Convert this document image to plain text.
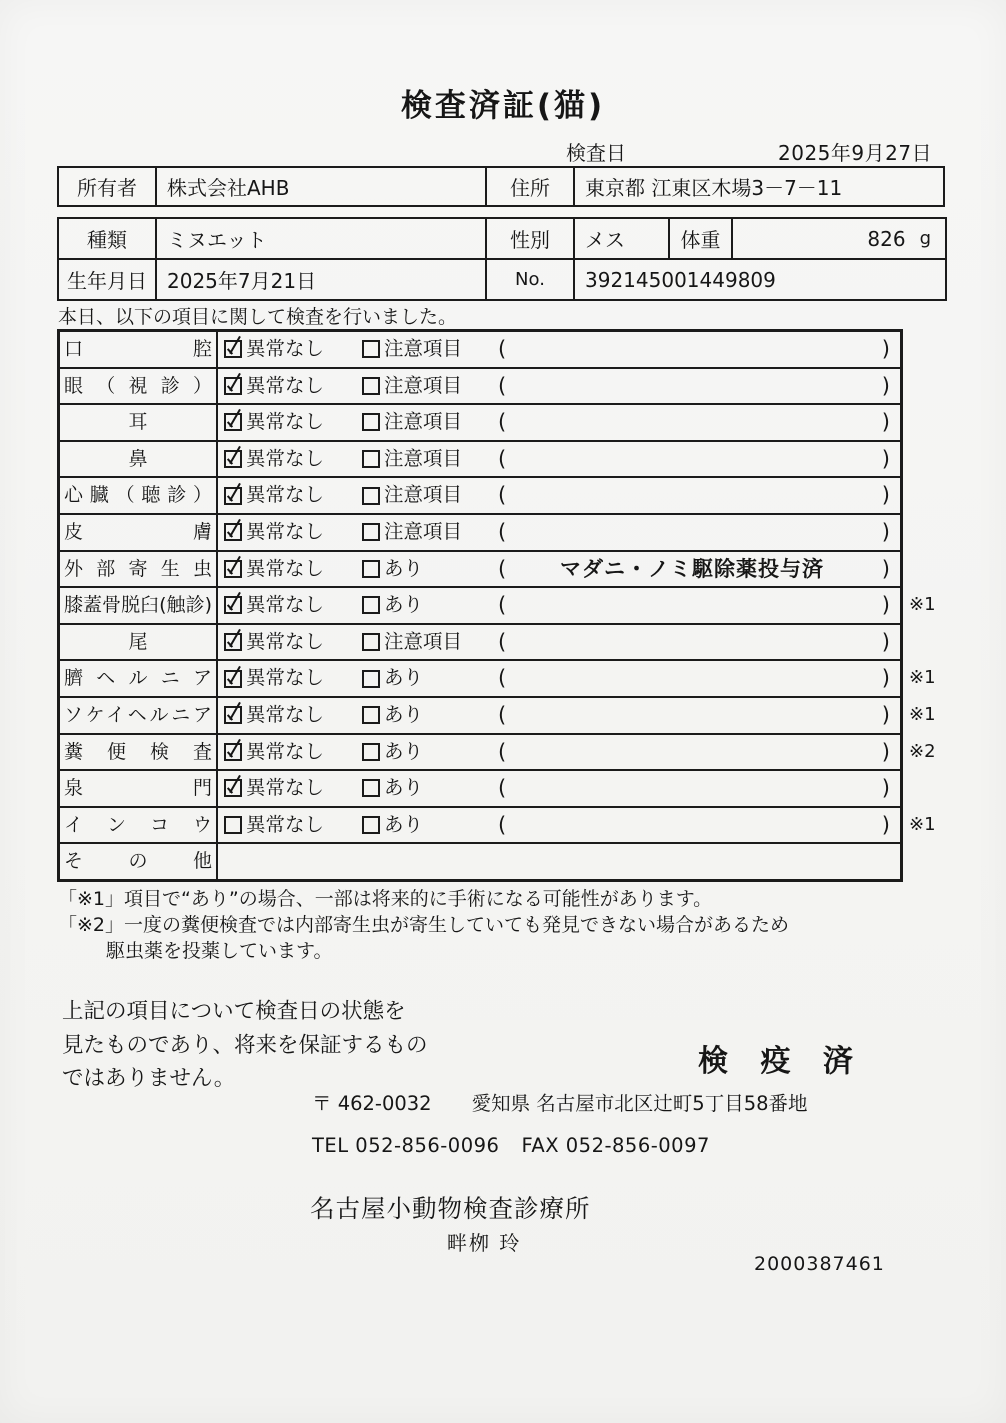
検査済証(猫)
検査日	2025年9月27日
所有者	株式会社AHB	住所	東京都 江東区木場3－7－11
種類	ミヌエット	性別	メス	体重	826 g
生年月日	2025年7月21日	No.	392145001449809
本日、以下の項目に関して検査を行いました。
口腔	異常なし	注意項目 (	)
眼（視診）	異常なし	注意項目 (	)
耳	異常なし	注意項目 (	)
鼻	異常なし	注意項目 (	)
心臓（聴診）	異常なし	注意項目 (	)
皮膚	異常なし	注意項目 (	)
外部寄生虫	異常なし	あり	(	マダニ・ノミ駆除薬投与済	)
膝蓋骨脱臼(触診)	異常なし	あり	(	) ※1
尾	異常なし	注意項目 (	)
臍ヘルニア	異常なし	あり	(	) ※1
ソケイヘルニア	異常なし	あり	(	) ※1
糞便検査	異常なし	あり	(	) ※2
泉門	異常なし	あり	(	)
インコウ	異常なし	あり	(	) ※1
その他
「※1」項目で“あり”の場合、一部は将来的に手術になる可能性があります。
「※2」一度の糞便検査では内部寄生虫が寄生していても発見できない場合があるため
駆虫薬を投薬しています。
上記の項目について検査日の状態を
見たものであり、将来を保証するもの
ではありません。	検 疫 済
〒 462-0032 愛知県 名古屋市北区辻町5丁目58番地
TEL 052-856-0096 FAX 052-856-0097
名古屋小動物検査診療所
畔栁 玲
2000387461
